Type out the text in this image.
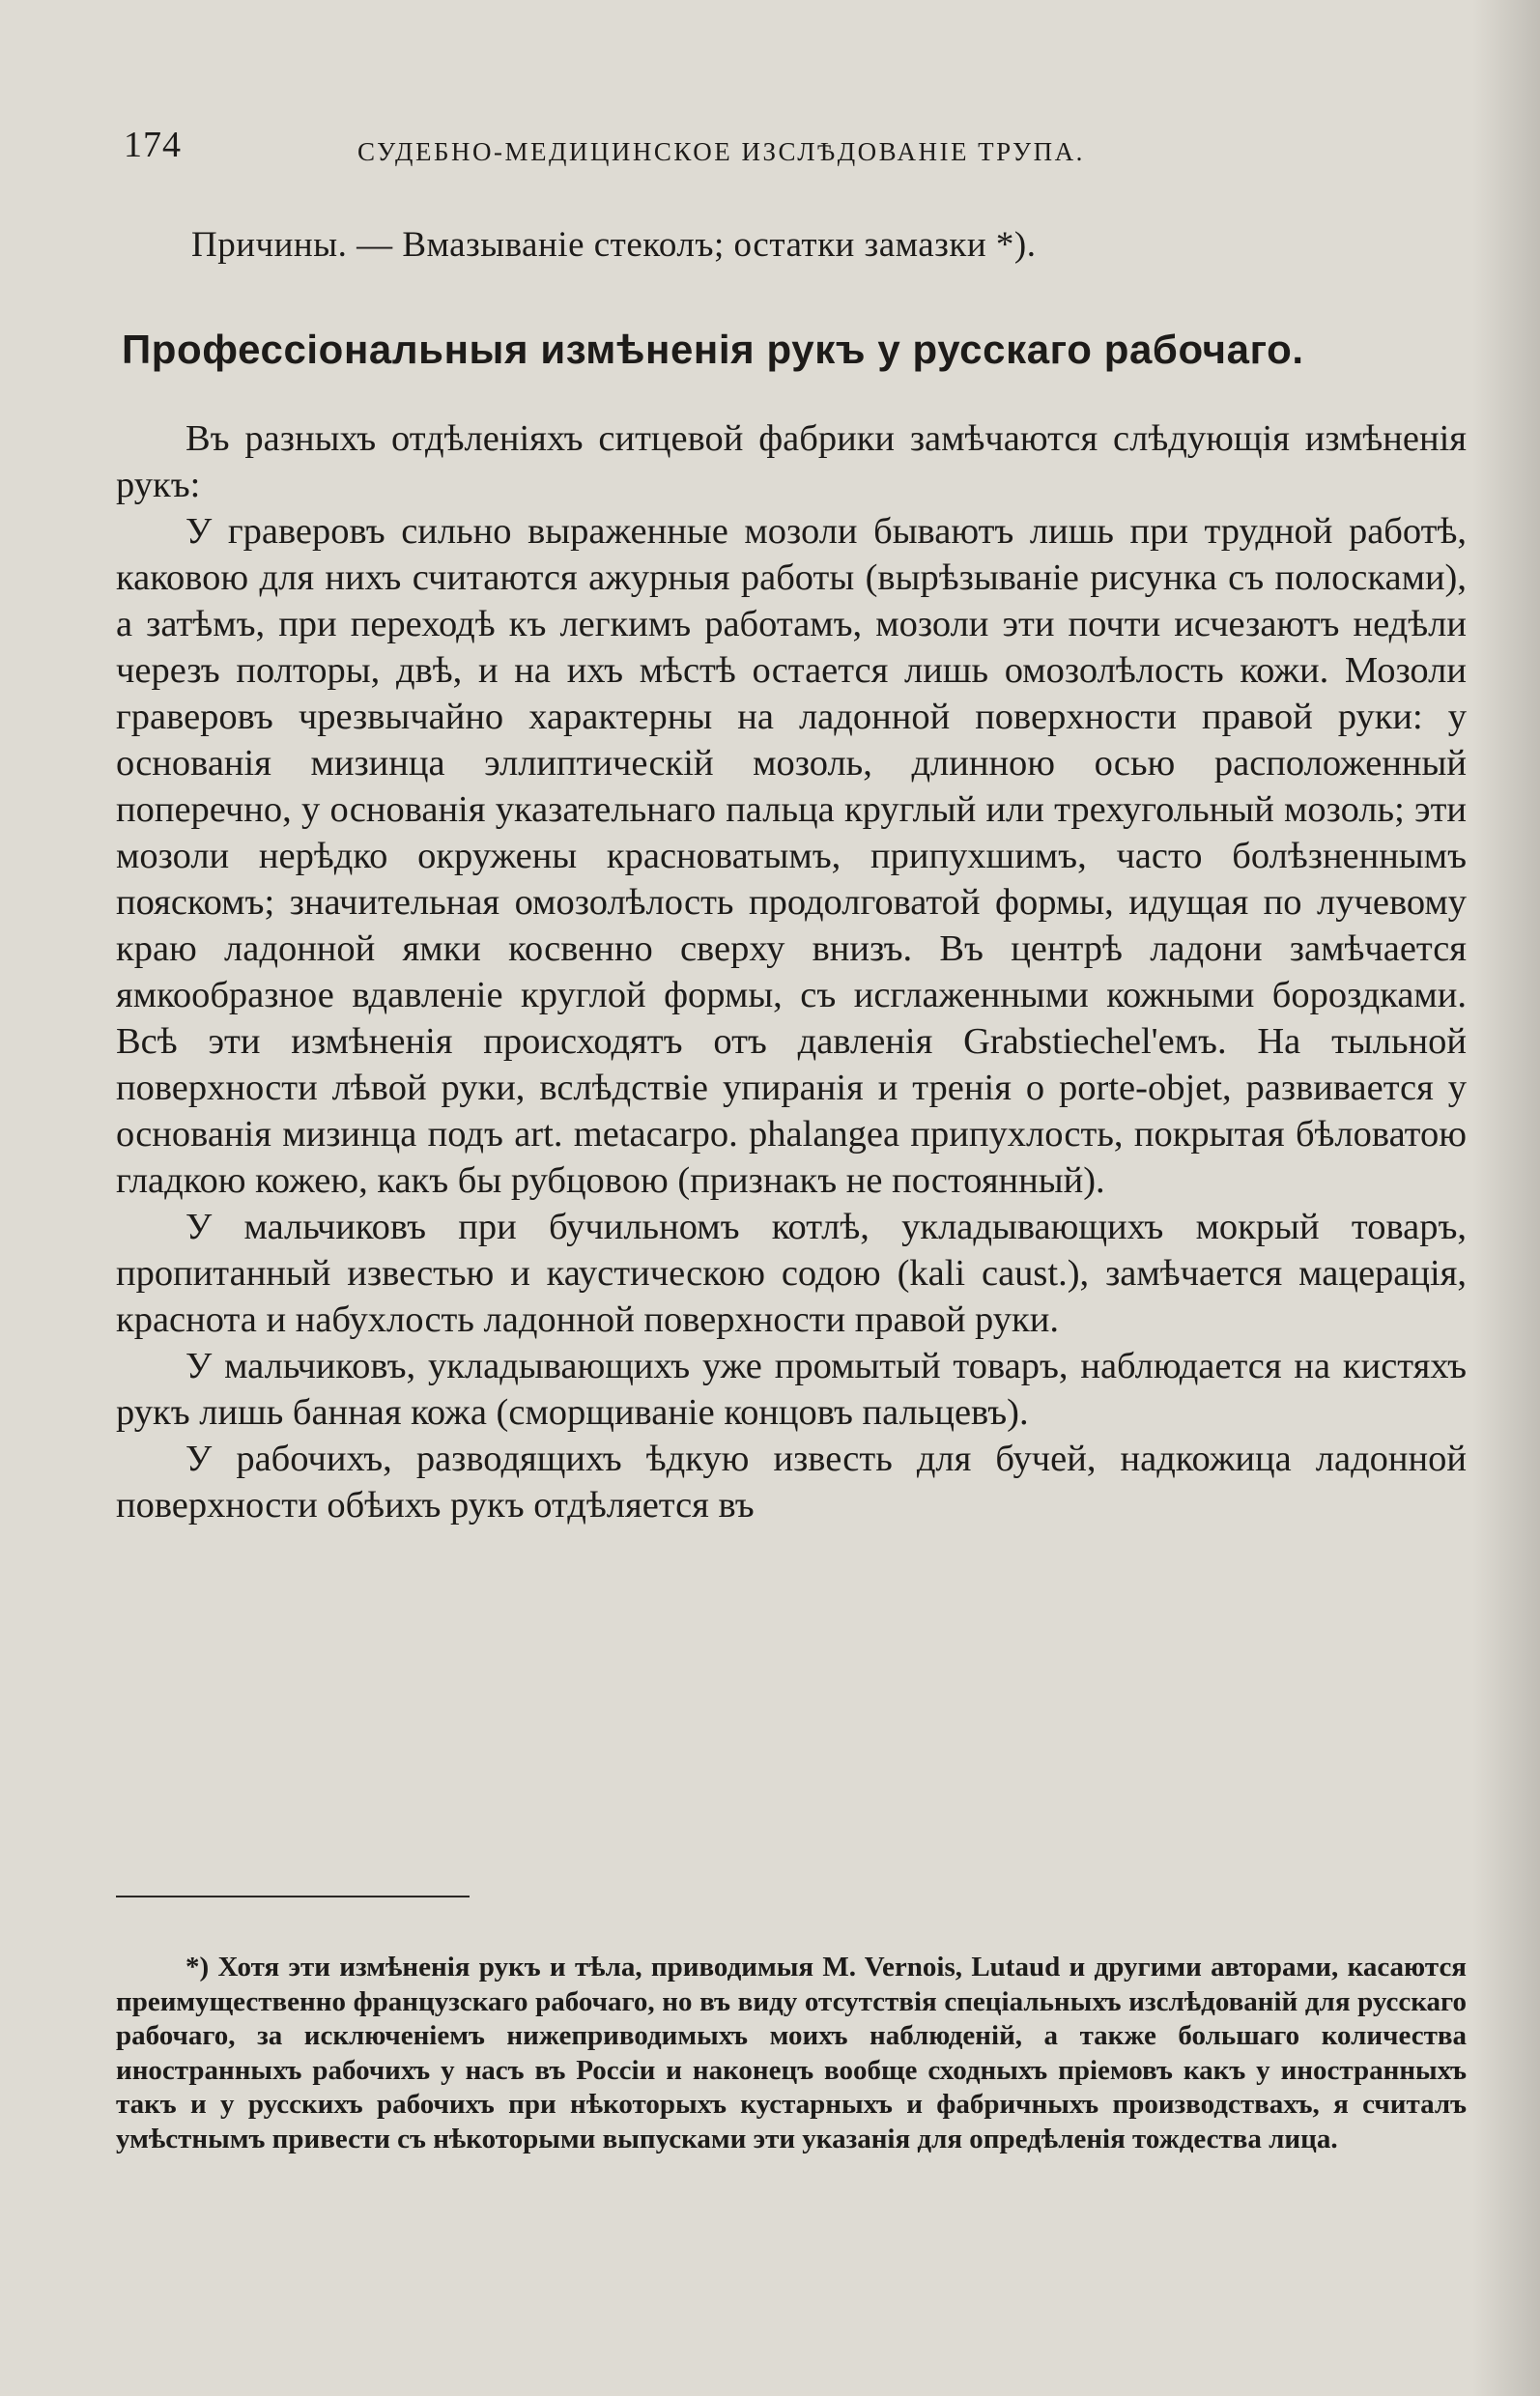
174	СУДЕБНО-МЕДИЦИНСКОЕ ИЗСЛѢДОВАНІЕ ТРУПА.
Причины. — Вмазываніе стеколъ; остатки замазки *).
Профессіональныя измѣненія рукъ у русскаго рабочаго.

Въ разныхъ отдѣленіяхъ ситцевой фабрики замѣчаются слѣдующія измѣненія рукъ:

У граверовъ сильно выраженные мозоли бываютъ лишь при трудной работѣ, каковою для нихъ считаются ажурныя работы (вырѣзываніе рисунка съ полосками), а затѣмъ, при переходѣ къ легкимъ работамъ, мозоли эти почти исчезаютъ недѣли черезъ полторы, двѣ, и на ихъ мѣстѣ остается лишь омозолѣлость кожи. Мозоли граверовъ чрезвычайно характерны на ладонной поверхности правой руки: у основанія мизинца эллиптическій мозоль, длинною осью расположенный поперечно, у основанія указательнаго пальца круглый или трехугольный мозоль; эти мозоли нерѣдко окружены красноватымъ, припухшимъ, часто болѣзненнымъ пояскомъ; значительная омозолѣлость продолговатой формы, идущая по лучевому краю ладонной ямки косвенно сверху внизъ. Въ центрѣ ладони замѣчается ямкообразное вдавленіе круглой формы, съ исглаженными кожными бороздками. Всѣ эти измѣненія происходятъ отъ давленія Grabstiechel'емъ. На тыльной поверхности лѣвой руки, вслѣдствіе упиранія и тренія о porte-objet, развивается у основанія мизинца подъ art. metacarpo. phalangea припухлость, покрытая бѣловатою гладкою кожею, какъ бы рубцовою (признакъ не постоянный).

У мальчиковъ при бучильномъ котлѣ, укладывающихъ мокрый товаръ, пропитанный известью и каустическою содою (kali caust.), замѣчается мацерація, краснота и набухлость ладонной поверхности правой руки.

У мальчиковъ, укладывающихъ уже промытый товаръ, наблюдается на кистяхъ рукъ лишь банная кожа (сморщиваніе концовъ пальцевъ).

У рабочихъ, разводящихъ ѣдкую известь для бучей, надкожица ладонной поверхности обѣихъ рукъ отдѣляется въ

*) Хотя эти измѣненія рукъ и тѣла, приводимыя M. Vernois, Lutaud и другими авторами, касаются преимущественно французскаго рабочаго, но въ виду отсутствія спеціальныхъ изслѣдованій для русскаго рабочаго, за исключеніемъ нижеприводимыхъ моихъ наблюденій, а также большаго количества иностранныхъ рабочихъ у насъ въ Россіи и наконецъ вообще сходныхъ пріемовъ какъ у иностранныхъ такъ и у русскихъ рабочихъ при нѣкоторыхъ кустарныхъ и фабричныхъ производствахъ, я считалъ умѣстнымъ привести съ нѣкоторыми выпусками эти указанія для опредѣленія тождества лица.
